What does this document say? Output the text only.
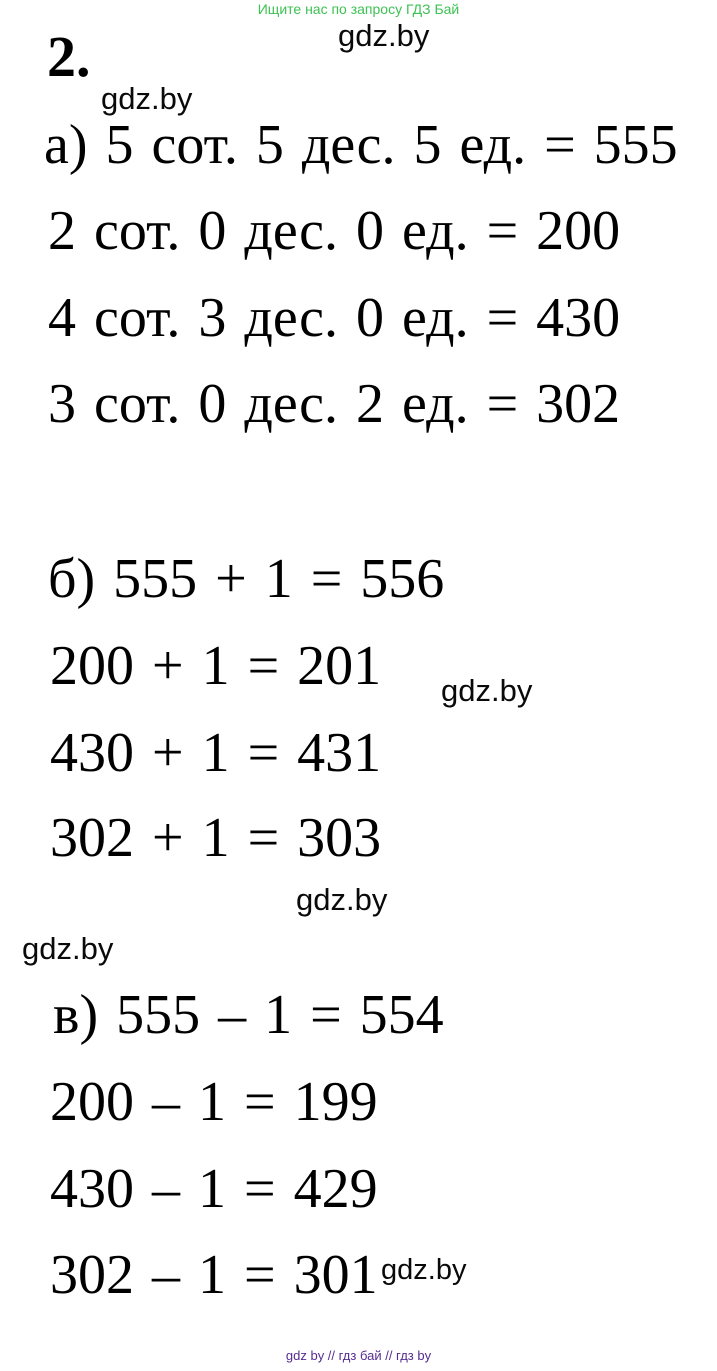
Ищите нас по запросу ГДЗ Бай
gdz.by
2.
gdz.by
а) 5 сот. 5 дес. 5 ед. = 555
2 сот. 0 дес. 0 ед. = 200
4 сот. 3 дес. 0 ед. = 430
3 сот. 0 дес. 2 ед. = 302
б) 555 + 1 = 556
200 + 1 = 201 gdz.by
430 + 1 = 431
302 + 1 = 303
gdz.by
gdz.by
в) 555 – 1 = 554
200 – 1 = 199
430 – 1 = 429
302 – 1 = 301 gdz.by
gdz by // гдз бай // гдз by
